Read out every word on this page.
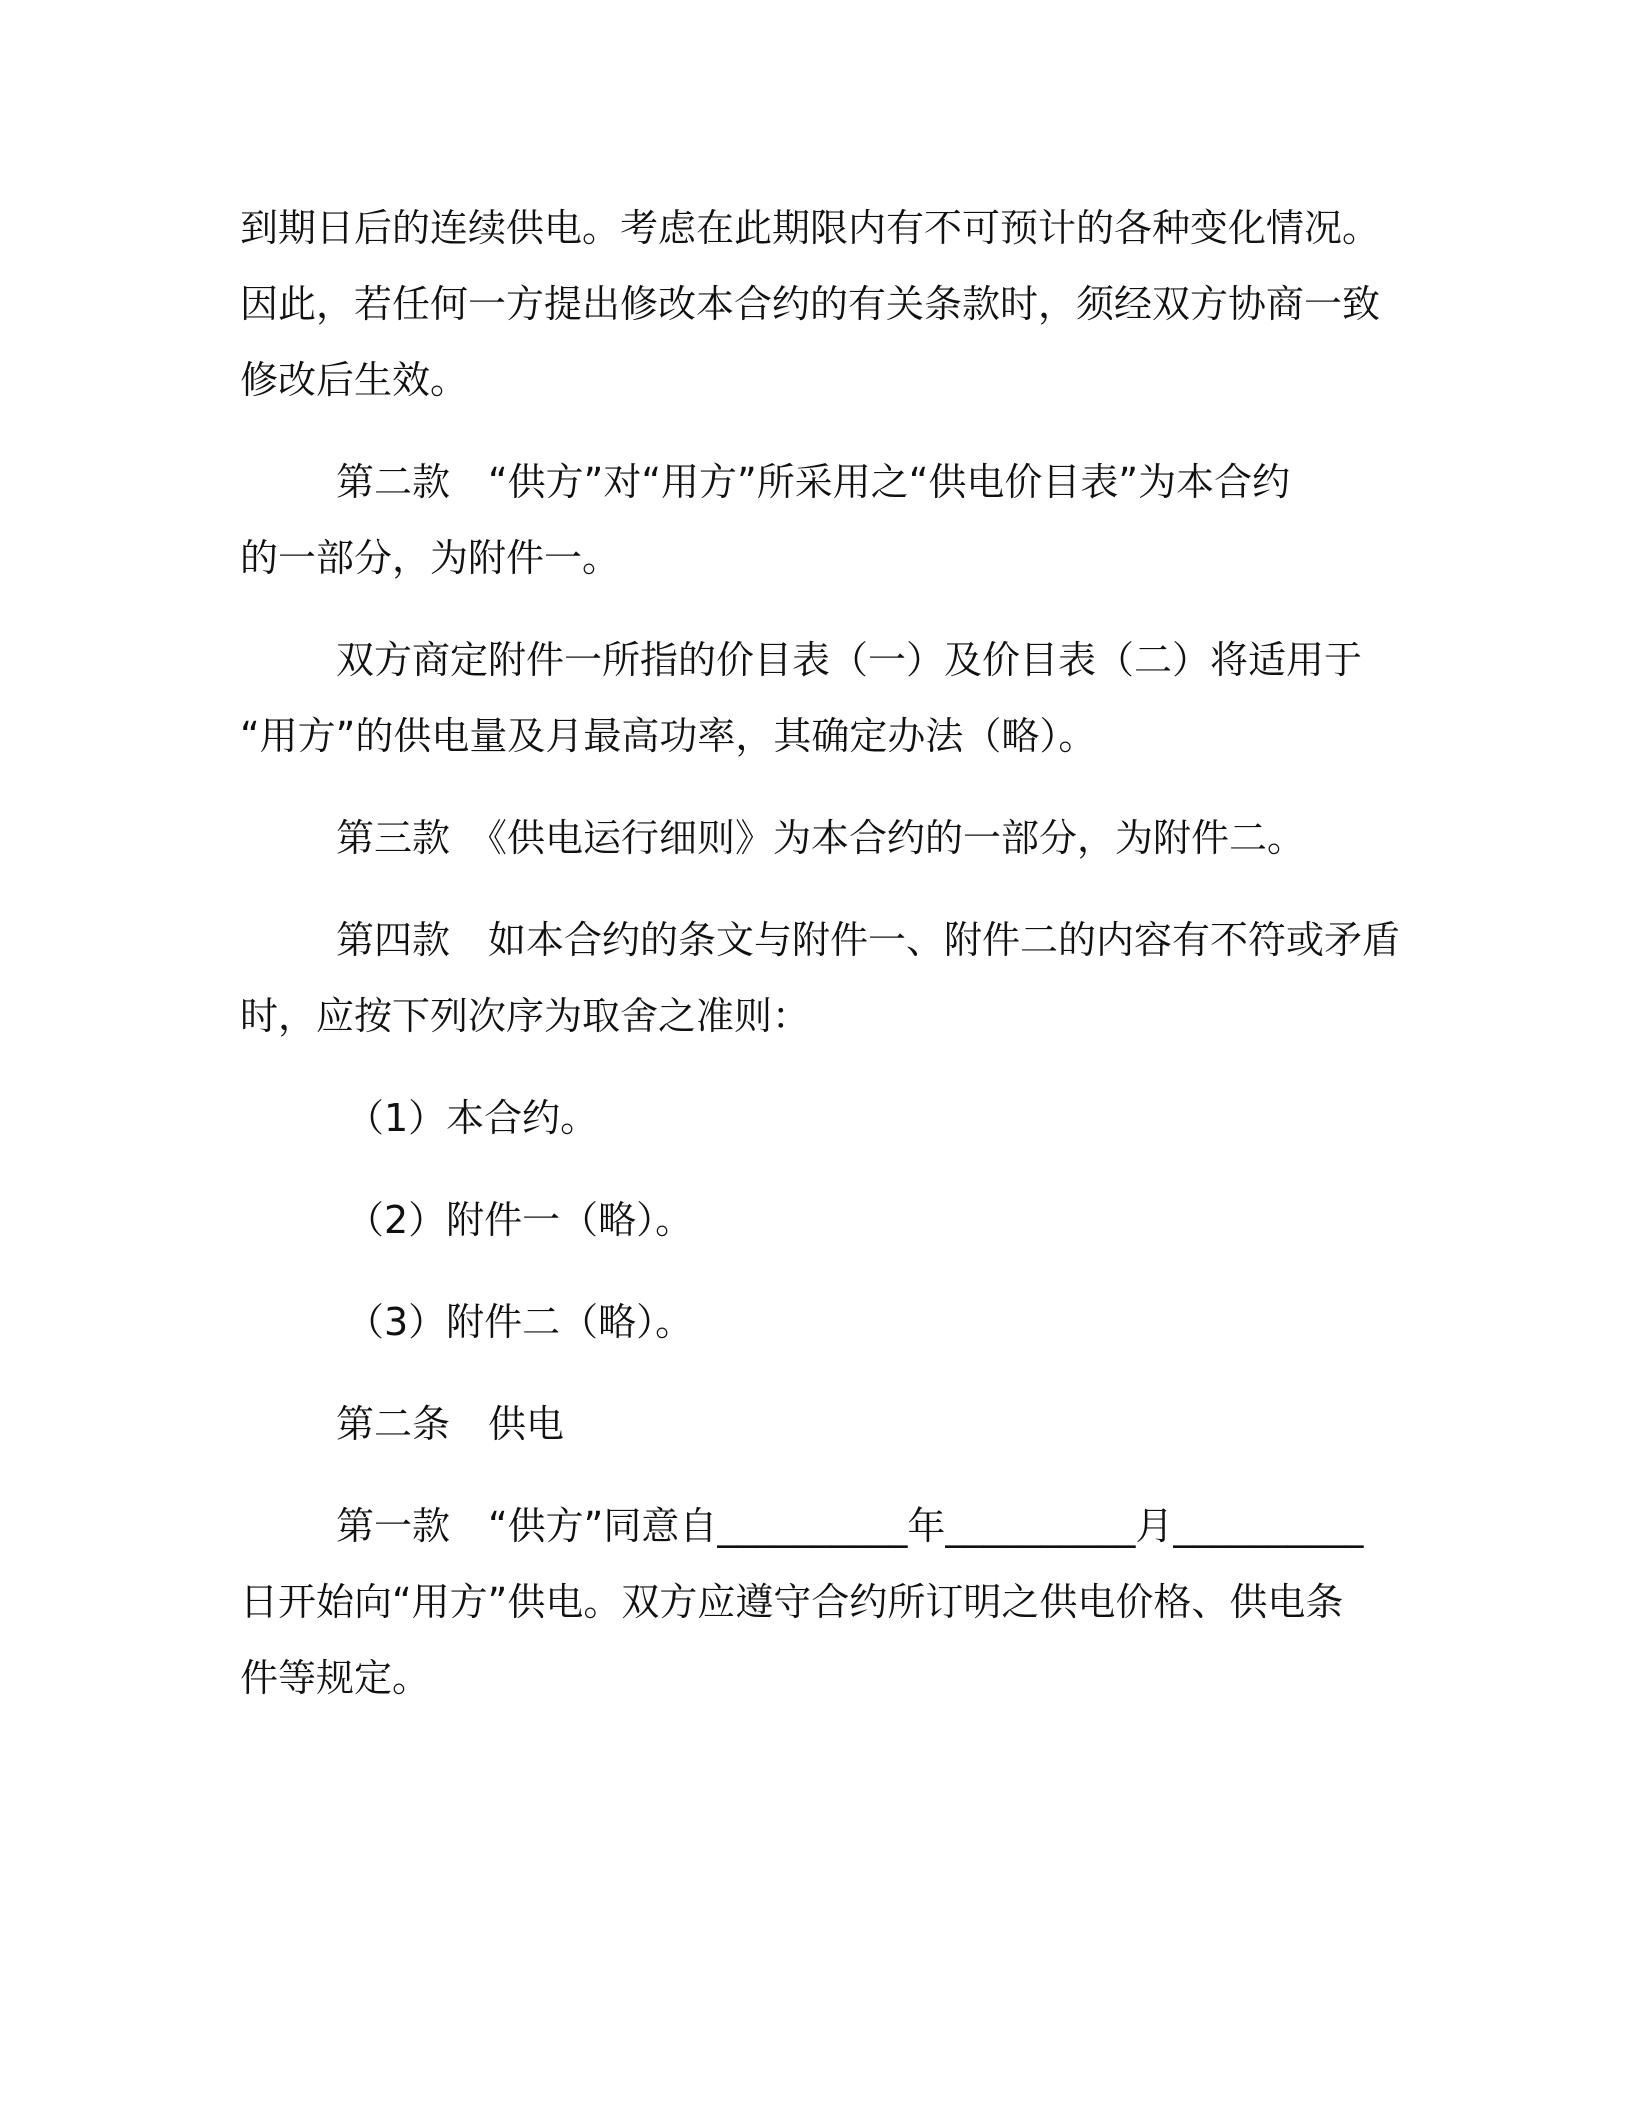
到期日后的连续供电。考虑在此期限内有不可预计的各种变化情况。

因此，若任何一方提出修改本合约的有关条款时，须经双方协商一致

修改后生效。

第二款　“供方”对“用方”所采用之“供电价目表”为本合约

的一部分，为附件一。

双方商定附件一所指的价目表（一）及价目表（二）将适用于

“用方”的供电量及月最高功率，其确定办法（略）。

第三款　《供电运行细则》为本合约的一部分，为附件二。

第四款　如本合约的条文与附件一、附件二的内容有不符或矛盾

时，应按下列次序为取舍之准则：

（1）本合约。

（2）附件一（略）。

（3）附件二（略）。

第二条　供电

第一款　“供方”同意自__________年__________月__________

日开始向“用方”供电。双方应遵守合约所订明之供电价格、供电条

件等规定。
